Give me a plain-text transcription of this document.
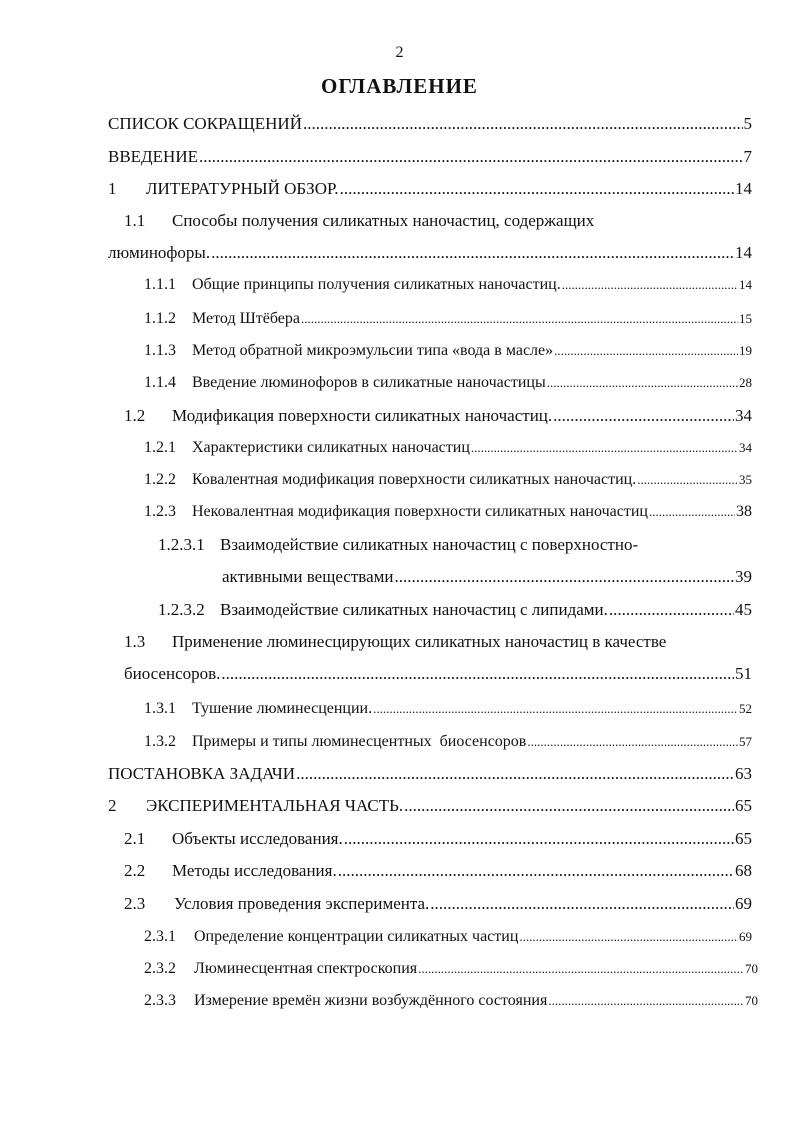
2
ОГЛАВЛЕНИЕ
СПИСОК СОКРАЩЕНИЙ .....	5
ВВЕДЕНИЕ .....	7
1	ЛИТЕРАТУРНЫЙ ОБЗОР. .....	14
1.1	Способы получения силикатных наночастиц, содержащих
люминофоры. .....	14
1.1.1	Общие принципы получения силикатных наночастиц. .....	14
1.1.2	Метод Штёбера .....	15
1.1.3	Метод обратной микроэмульсии типа «вода в масле» .....	19
1.1.4	Введение люминофоров в силикатные наночастицы .....	28
1.2	Модификация поверхности силикатных наночастиц. .....	34
1.2.1	Характеристики силикатных наночастиц .....	34
1.2.2	Ковалентная модификация поверхности силикатных наночастиц. .....	35
1.2.3	Нековалентная модификация поверхности силикатных наночастиц .....	38
1.2.3.1 Взаимодействие силикатных наночастиц с поверхностно-
активными веществами .....	39
1.2.3.2 Взаимодействие силикатных наночастиц с липидами. .....	45
1.3	Применение люминесцирующих силикатных наночастиц в качестве
биосенсоров. .....	51
1.3.1	Тушение люминесценции. .....	52
1.3.2	Примеры и типы люминесцентных  биосенсоров .....	57
ПОСТАНОВКА ЗАДАЧИ .....	63
2	ЭКСПЕРИМЕНТАЛЬНАЯ ЧАСТЬ. .....	65
2.1	Объекты исследования. .....	65
2.2	Методы исследования. .....	68
2.3	Условия проведения эксперимента. .....	69
2.3.1	Определение концентрации силикатных частиц .....	69
2.3.2	Люминесцентная спектроскопия .....	70
2.3.3	Измерение времён жизни возбуждённого состояния .....	70
